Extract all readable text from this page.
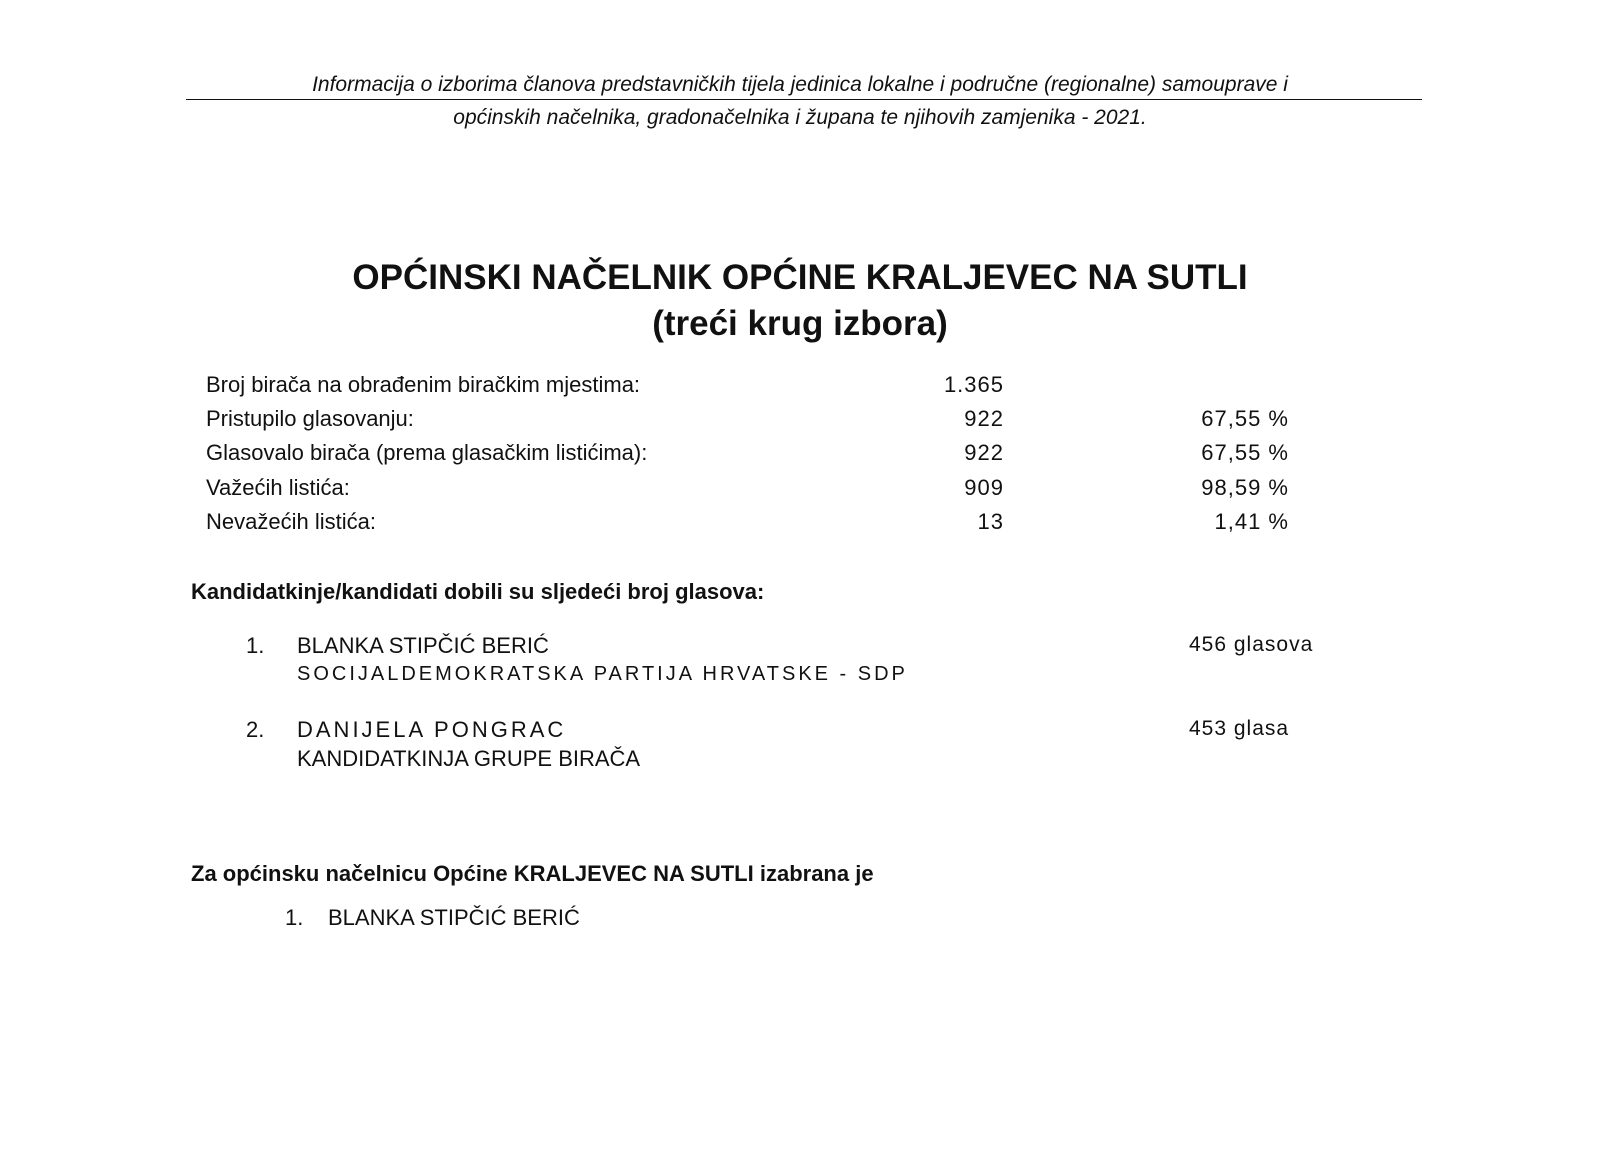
Informacija o izborima članova predstavničkih tijela jedinica lokalne i područne (regionalne) samouprave i
općinskih načelnika, gradonačelnika i župana te njihovih zamjenika - 2021.
OPĆINSKI NAČELNIK OPĆINE KRALJEVEC NA SUTLI
(treći krug izbora)
Broj birača na obrađenim biračkim mjestima:	1.365
Pristupilo glasovanju:	922	67,55 %
Glasovalo birača (prema glasačkim listićima):	922	67,55 %
Važećih listića:	909	98,59 %
Nevažećih listića:	13	1,41 %
Kandidatkinje/kandidati dobili su sljedeći broj glasova:
1. BLANKA STIPČIĆ BERIĆ	456 glasova
SOCIJALDEMOKRATSKA PARTIJA HRVATSKE - SDP
2. DANIJELA PONGRAC	453 glasa
KANDIDATKINJA GRUPE BIRAČA
Za općinsku načelnicu Općine KRALJEVEC NA SUTLI izabrana je
1. BLANKA STIPČIĆ BERIĆ
